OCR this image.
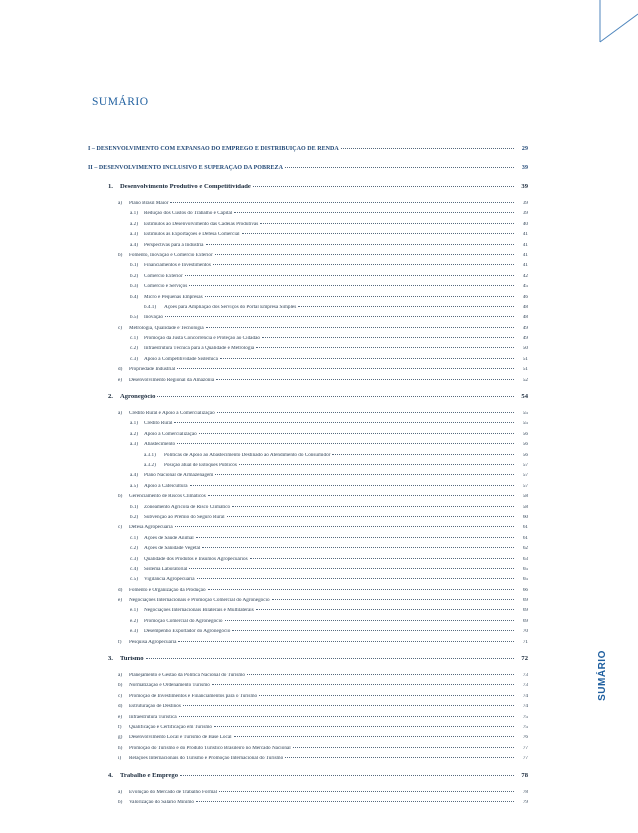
SUMÁRIO
I – DESENVOLVIMENTO COM EXPANSÃO DO EMPREGO E DISTRIBUIÇÃO DE RENDA	29
II – DESENVOLVIMENTO INCLUSIVO E SUPERAÇÃO DA POBREZA	39
1.	Desenvolvimento Produtivo e Competitividade	39
a)	Plano Brasil Maior	39
a.1)	Redução dos Custos do Trabalho e Capital	39
a.2)	Estímulos ao Desenvolvimento das Cadeias Produtivas	40
a.3)	Estímulos às Exportações e Defesa Comercial	41
a.4)	Perspectivas para a Indústria	41
b)	Fomento, Inovação e Comércio Exterior	41
b.1)	Financiamentos e Investimentos	41
b.2)	Comércio Exterior	42
b.3)	Comércio e Serviços	45
b.4)	Micro e Pequenas Empresas	46
b.4.1)	Ações para Ampliação dos Serviços do Portal Empresa Simples	48
b.5)	Inovação	48
c)	Metrologia, Qualidade e Tecnologia	49
c.1)	Promoção da Justa Concorrência e Proteção ao Cidadão	49
c.2)	Infraestrutura Técnica para a Qualidade e Metrologia	50
c.3)	Apoio à Competitividade Sistêmica	51
d)	Propriedade Industrial	51
e)	Desenvolvimento Regional da Amazônia	52
2.	Agronegócio	54
a)	Crédito Rural e Apoio à Comercialização	55
a.1)	Crédito Rural	55
a.2)	Apoio à Comercialização	56
a.3)	Abastecimento	56
a.3.1)	Políticas de Apoio ao Abastecimento Destinado ao Atendimento do Consumidor	56
a.3.2)	Posição atual de Estoques Públicos	57
a.4)	Plano Nacional de Armazenagem	57
a.5)	Apoio à Cafeicultura	57
b)	Gerenciamento de Riscos Climáticos	58
b.1)	Zoneamento Agrícola de Risco Climático	58
b.2)	Subvenção ao Prêmio do Seguro Rural	60
c)	Defesa Agropecuária	61
c.1)	Ações de Saúde Animal	61
c.2)	Ações de Sanidade Vegetal	62
c.3)	Qualidade dos Produtos e Insumos Agropecuários	63
c.4)	Sistema Laboratorial	65
c.5)	Vigilância Agropecuária	65
d)	Fomento e Organização da Produção	66
e)	Negociações Internacionais e Promoção Comercial do Agronegócio	69
e.1)	Negociações Internacionais Bilaterais e Multilaterais	69
e.2)	Promoção Comercial do Agronegócio	69
e.3)	Desempenho Exportador do Agronegócio	70
f)	Pesquisa Agropecuária	71
3.	Turismo	72
a)	Planejamento e Gestão da Política Nacional do Turismo	73
b)	Normatização e Ordenamento Turismo	73
c)	Promoção de Investimentos e Financiamentos para o Turismo	74
d)	Estruturação de Destinos	74
e)	Infraestrutura Turística	75
f)	Qualificação e Certificação em Turismo	75
g)	Desenvolvimento Local e Turismo de Base Local	76
h)	Promoção do Turismo e do Produto Turístico Brasileiro no Mercado Nacional	77
i)	Relações Internacionais do Turismo e Promoção Internacional do Turismo	77
4.	Trabalho e Emprego	78
a)	Evolução do Mercado de Trabalho Formal	78
b)	Valorização do Salário Mínimo	79
SUMÁRIO
